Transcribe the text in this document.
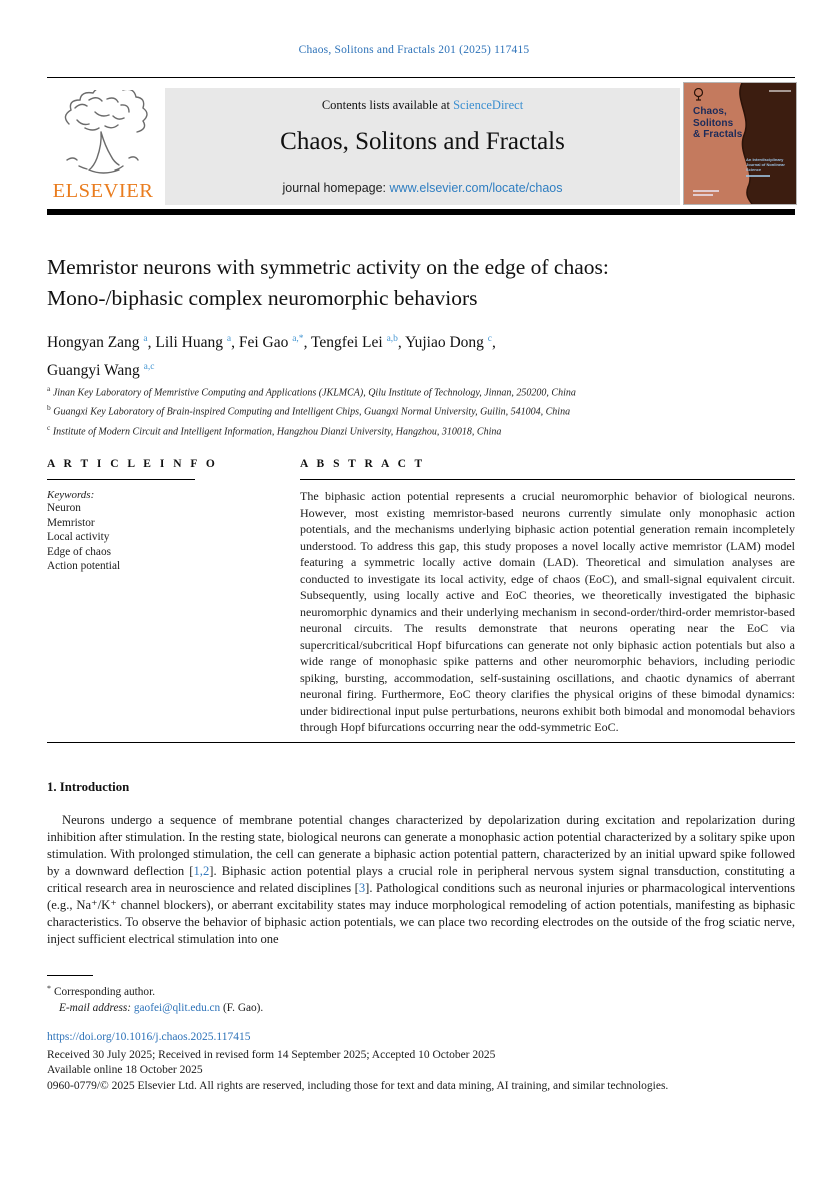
Chaos, Solitons and Fractals 201 (2025) 117415
ELSEVIER
Contents lists available at ScienceDirect
Chaos, Solitons and Fractals
journal homepage: www.elsevier.com/locate/chaos
Chaos,
Solitons
& Fractals
An Interdisciplinary
Journal of Nonlinear
Science
Memristor neurons with symmetric activity on the edge of chaos:
Mono-/biphasic complex neuromorphic behaviors
Hongyan Zang $^a$, Lili Huang $^a$, Fei Gao $^{a,*}$, Tengfei Lei $^{a,b}$, Yujiao Dong $^c$,
Guangyi Wang $^{a,c}$
$^a$ Jinan Key Laboratory of Memristive Computing and Applications (JKLMCA), Qilu Institute of Technology, Jinnan, 250200, China
$^b$ Guangxi Key Laboratory of Brain-inspired Computing and Intelligent Chips, Guangxi Normal University, Guilin, 541004, China
$^c$ Institute of Modern Circuit and Intelligent Information, Hangzhou Dianzi University, Hangzhou, 310018, China
A R T I C L E I N F O
Keywords:
Neuron
Memristor
Local activity
Edge of chaos
Action potential
A B S T R A C T
The biphasic action potential represents a crucial neuromorphic behavior of biological neurons. However, most existing memristor-based neurons currently simulate only monophasic action potentials, and the mechanisms underlying biphasic action potential generation remain incompletely understood. To address this gap, this study proposes a novel locally active memristor (LAM) model featuring a symmetric locally active domain (LAD). Theoretical and simulation analyses are conducted to investigate its local activity, edge of chaos (EoC), and small-signal equivalent circuit. Subsequently, using locally active and EoC theories, we theoretically investigated the biphasic neuromorphic dynamics and their underlying mechanism in second-order/third-order memristor-based neuronal circuits. The results demonstrate that neurons operating near the EoC via supercritical/subcritical Hopf bifurcations can generate not only biphasic action potentials but also a wide range of monophasic spike patterns and other neuromorphic behaviors, including periodic spiking, bursting, accommodation, self-sustaining oscillations, and chaotic dynamics of aberrant neuronal firing. Furthermore, EoC theory clarifies the physical origins of these bimodal dynamics: under bidirectional input pulse perturbations, neurons exhibit both bimodal and monomodal behaviors through Hopf bifurcations occurring near the odd-symmetric EoC.
1. Introduction
Neurons undergo a sequence of membrane potential changes characterized by depolarization during excitation and repolarization during inhibition after stimulation. In the resting state, biological neurons can generate a monophasic action potential characterized by a solitary spike upon stimulation. With prolonged stimulation, the cell can generate a biphasic action potential pattern, characterized by an initial upward spike followed by a downward deflection [1,2]. Biphasic action potential plays a crucial role in peripheral nervous system signal transduction, constituting a critical research area in neuroscience and related disciplines [3]. Pathological conditions such as neuronal injuries or pharmacological interventions (e.g., Na⁺/K⁺ channel blockers), or aberrant excitability states may induce morphological remodeling of action potentials, manifesting as biphasic characteristics. To observe the behavior of biphasic action potentials, we can place two recording electrodes on the outside of the frog sciatic nerve, inject sufficient electrical stimulation into one
* Corresponding author.
E-mail address: gaofei@qlit.edu.cn (F. Gao).
https://doi.org/10.1016/j.chaos.2025.117415
Received 30 July 2025; Received in revised form 14 September 2025; Accepted 10 October 2025
Available online 18 October 2025
0960-0779/© 2025 Elsevier Ltd. All rights are reserved, including those for text and data mining, AI training, and similar technologies.
